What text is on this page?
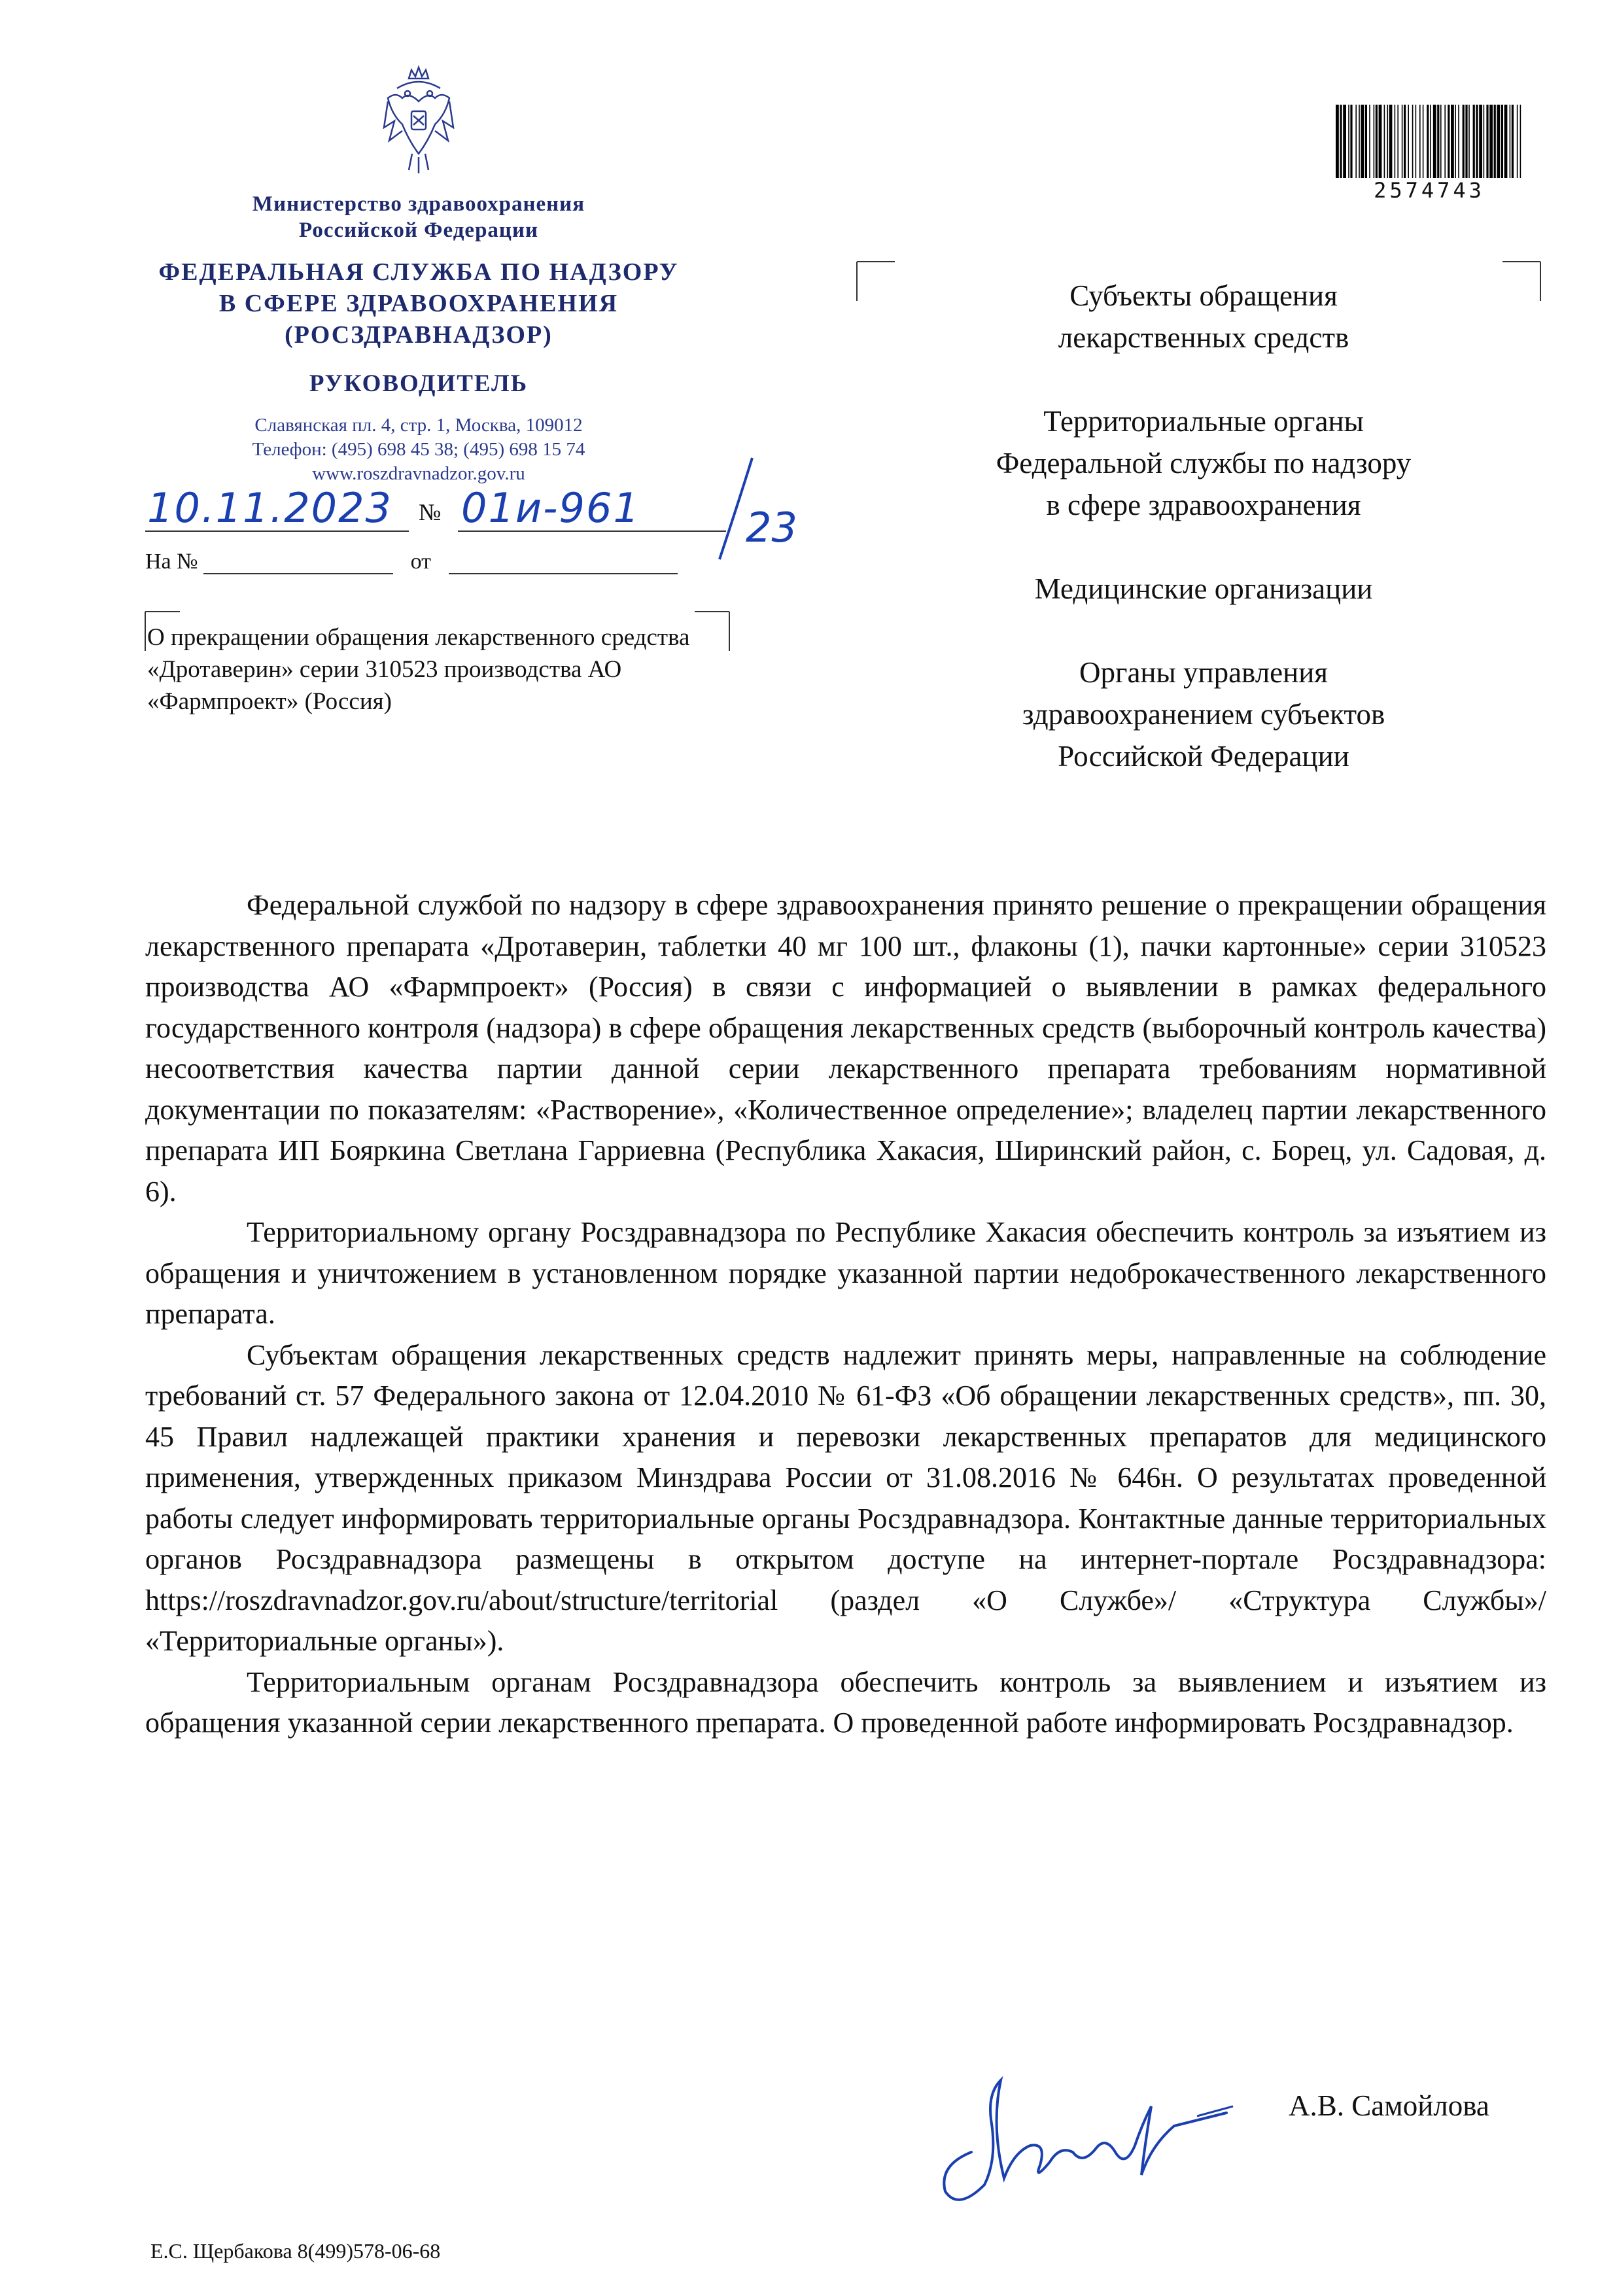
Министерство здравоохранения
Российской Федерации
ФЕДЕРАЛЬНАЯ СЛУЖБА ПО НАДЗОРУ
В СФЕРЕ ЗДРАВООХРАНЕНИЯ
(РОСЗДРАВНАДЗОР)
РУКОВОДИТЕЛЬ
Славянская пл. 4, стр. 1, Москва, 109012
Телефон: (495) 698 45 38; (495) 698 15 74
www.roszdravnadzor.gov.ru
10.11.2023 № 01и-961	23
На №	от
О прекращении обращения лекарственного средства «Дротаверин» серии 310523 производства АО «Фармпроект» (Россия)
2574743
Субъекты обращения
лекарственных средств
Территориальные органы
Федеральной службы по надзору
в сфере здравоохранения
Медицинские организации
Органы управления
здравоохранением субъектов
Российской Федерации

Федеральной службой по надзору в сфере здравоохранения принято решение о прекращении обращения лекарственного препарата «Дротаверин, таблетки 40 мг 100 шт., флаконы (1), пачки картонные» серии 310523 производства АО «Фармпроект» (Россия) в связи с информацией о выявлении в рамках федерального государственного контроля (надзора) в сфере обращения лекарственных средств (выборочный контроль качества) несоответствия качества партии данной серии лекарственного препарата требованиям нормативной документации по показателям: «Растворение», «Количественное определение»; владелец партии лекарственного препарата ИП Бояркина Светлана Гарриевна (Республика Хакасия, Ширинский район, с. Борец, ул. Садовая, д. 6).

Территориальному органу Росздравнадзора по Республике Хакасия обеспечить контроль за изъятием из обращения и уничтожением в установленном порядке указанной партии недоброкачественного лекарственного препарата.

Субъектам обращения лекарственных средств надлежит принять меры, направленные на соблюдение требований ст. 57 Федерального закона от 12.04.2010 № 61-ФЗ «Об обращении лекарственных средств», пп. 30, 45 Правил надлежащей практики хранения и перевозки лекарственных препаратов для медицинского применения, утвержденных приказом Минздрава России от 31.08.2016 № 646н. О результатах проведенной работы следует информировать территориальные органы Росздравнадзора. Контактные данные территориальных органов Росздравнадзора размещены в открытом доступе на интернет-портале Росздравнадзора: https://roszdravnadzor.gov.ru/about/structure/territorial (раздел «О Службе»/ «Структура Службы»/ «Территориальные органы»).

Территориальным органам Росздравнадзора обеспечить контроль за выявлением и изъятием из обращения указанной серии лекарственного препарата. О проведенной работе информировать Росздравнадзор.

А.В. Самойлова
Е.С. Щербакова 8(499)578-06-68
